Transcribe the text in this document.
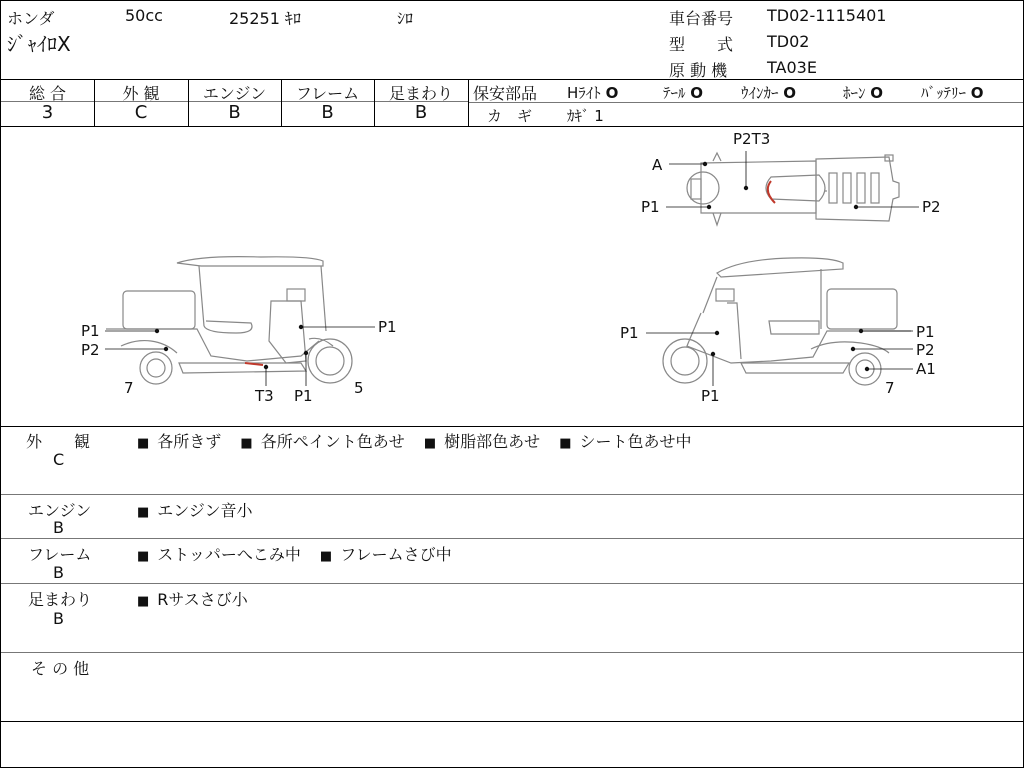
ホンダ	50cc	25251 ｷﾛ	ｼﾛ
ｼﾞｬｲﾛX
車台番号 TD02-1115401
型　　式 TD02
原 動 機 TA03E
総 合	外 観	エンジン	フレーム	足まわり
3	C	B	B	B
保安部品 Hﾗｲﾄ O	ﾃｰﾙ O	ｳｲﾝｶｰ O	ﾎｰﾝ O	ﾊﾞｯﾃﾘｰ O
カ　ギ ｶｷﾞ 1
A
P2T3
P1	P2
P1
P2
7	T3 P1	5
P1	P1	P1
P2
A1
7
P1
外　　観
C
■ 各所きず ■ 各所ペイント色あせ ■ 樹脂部色あせ ■ シート色あせ中
エンジン
B
■ エンジン音小
フレーム
B
■ ストッパーへこみ中 ■ フレームさび中
足まわり
B
■ Rサスさび小
そ の 他
